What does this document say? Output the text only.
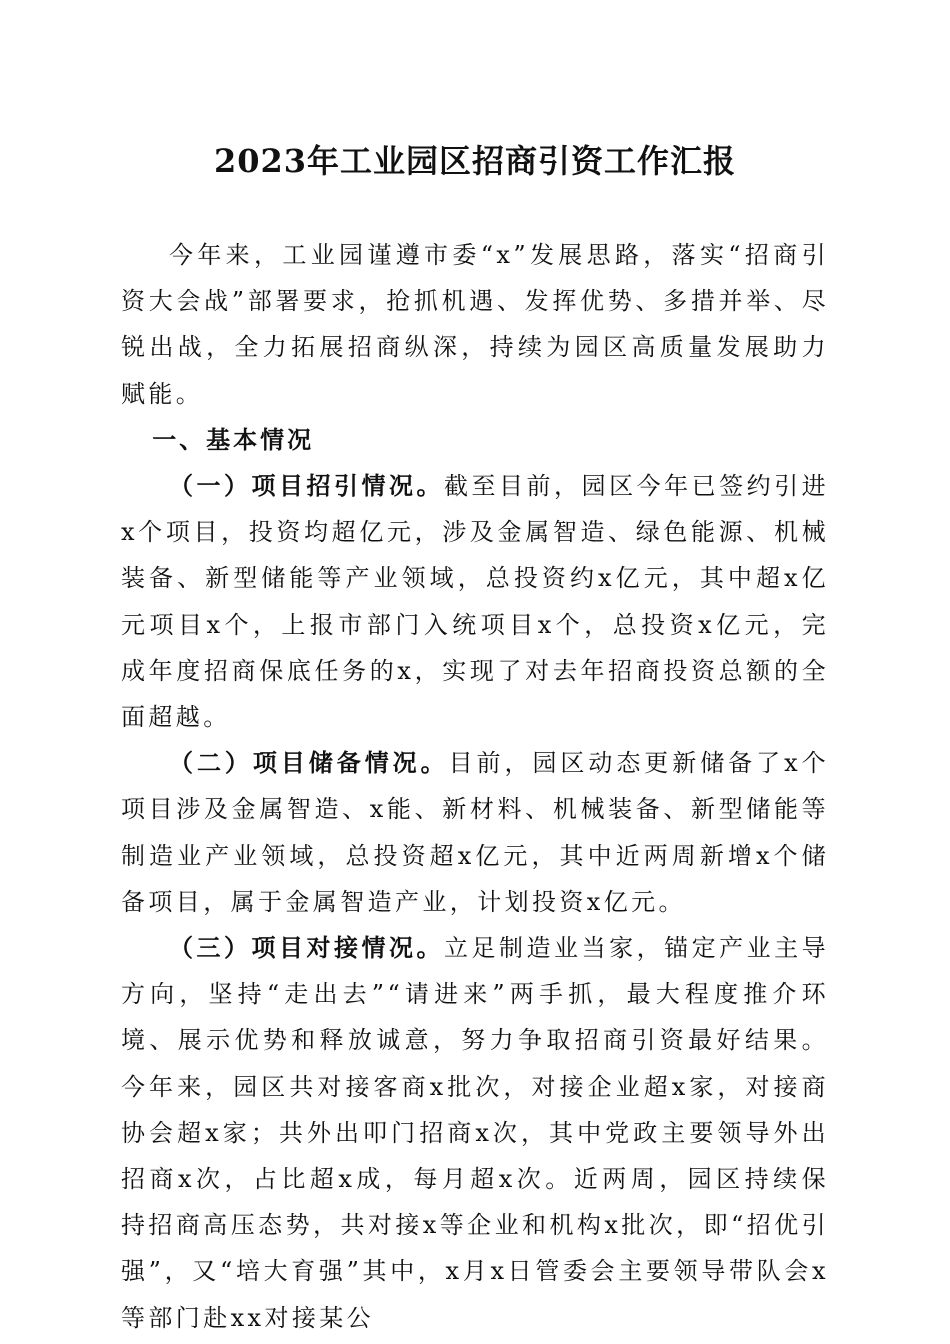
2023年工业园区招商引资工作汇报

今年来，工业园谨遵市委“x”发展思路，落实“招商引资大会战”部署要求，抢抓机遇、发挥优势、多措并举、尽锐出战，全力拓展招商纵深，持续为园区高质量发展助力赋能。

一、基本情况

（一）项目招引情况。截至目前，园区今年已签约引进x个项目，投资均超亿元，涉及金属智造、绿色能源、机械装备、新型储能等产业领域，总投资约x亿元，其中超x亿元项目x个，上报市部门入统项目x个，总投资x亿元，完成年度招商保底任务的x，实现了对去年招商投资总额的全面超越。

（二）项目储备情况。目前，园区动态更新储备了x个项目涉及金属智造、x能、新材料、机械装备、新型储能等制造业产业领域，总投资超x亿元，其中近两周新增x个储备项目，属于金属智造产业，计划投资x亿元。

（三）项目对接情况。立足制造业当家，锚定产业主导方向，坚持“走出去”“请进来”两手抓，最大程度推介环境、展示优势和释放诚意，努力争取招商引资最好结果。今年来，园区共对接客商x批次，对接企业超x家，对接商协会超x家；共外出叩门招商x次，其中党政主要领导外出招商x次，占比超x成，每月超x次。近两周，园区持续保持招商高压态势，共对接x等企业和机构x批次，即“招优引强”，又“培大育强”其中，x月x日管委会主要领导带队会x等部门赴xx对接某公
